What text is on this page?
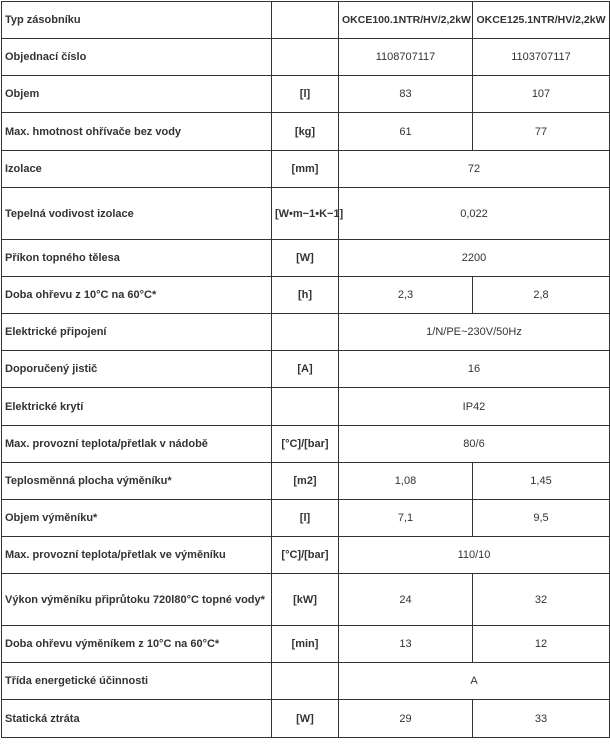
Typ zásobníku		OKCE100.1NTR/HV/2,2kW	OKCE125.1NTR/HV/2,2kW
Objednací číslo		1108707117	1103707117
Objem	[l]	83	107
Max. hmotnost ohřívače bez vody	[kg]	61	77
Izolace	[mm]	72	
Tepelná vodivost izolace	[W•m−1•K−1]	0,022	
Příkon topného tělesa	[W]	2200	
Doba ohřevu z 10°C na 60°C*	[h]	2,3	2,8
Elektrické připojení		1/N/PE~230V/50Hz	
Doporučený jistič	[A]	16	
Elektrické krytí		IP42	
Max. provozní teplota/přetlak v nádobě	[°C]/[bar]	80/6	
Teplosměnná plocha výměníku*	[m2]	1,08	1,45
Objem výměníku*	[l]	7,1	9,5
Max. provozní teplota/přetlak ve výměníku	[°C]/[bar]	110/10	
Výkon výměníku připrůtoku 720l80°C topné vody*	[kW]	24	32
Doba ohřevu výměníkem z 10°C na 60°C*	[min]	13	12
Třída energetické účinnosti		A	
Statická ztráta	[W]	29	33
